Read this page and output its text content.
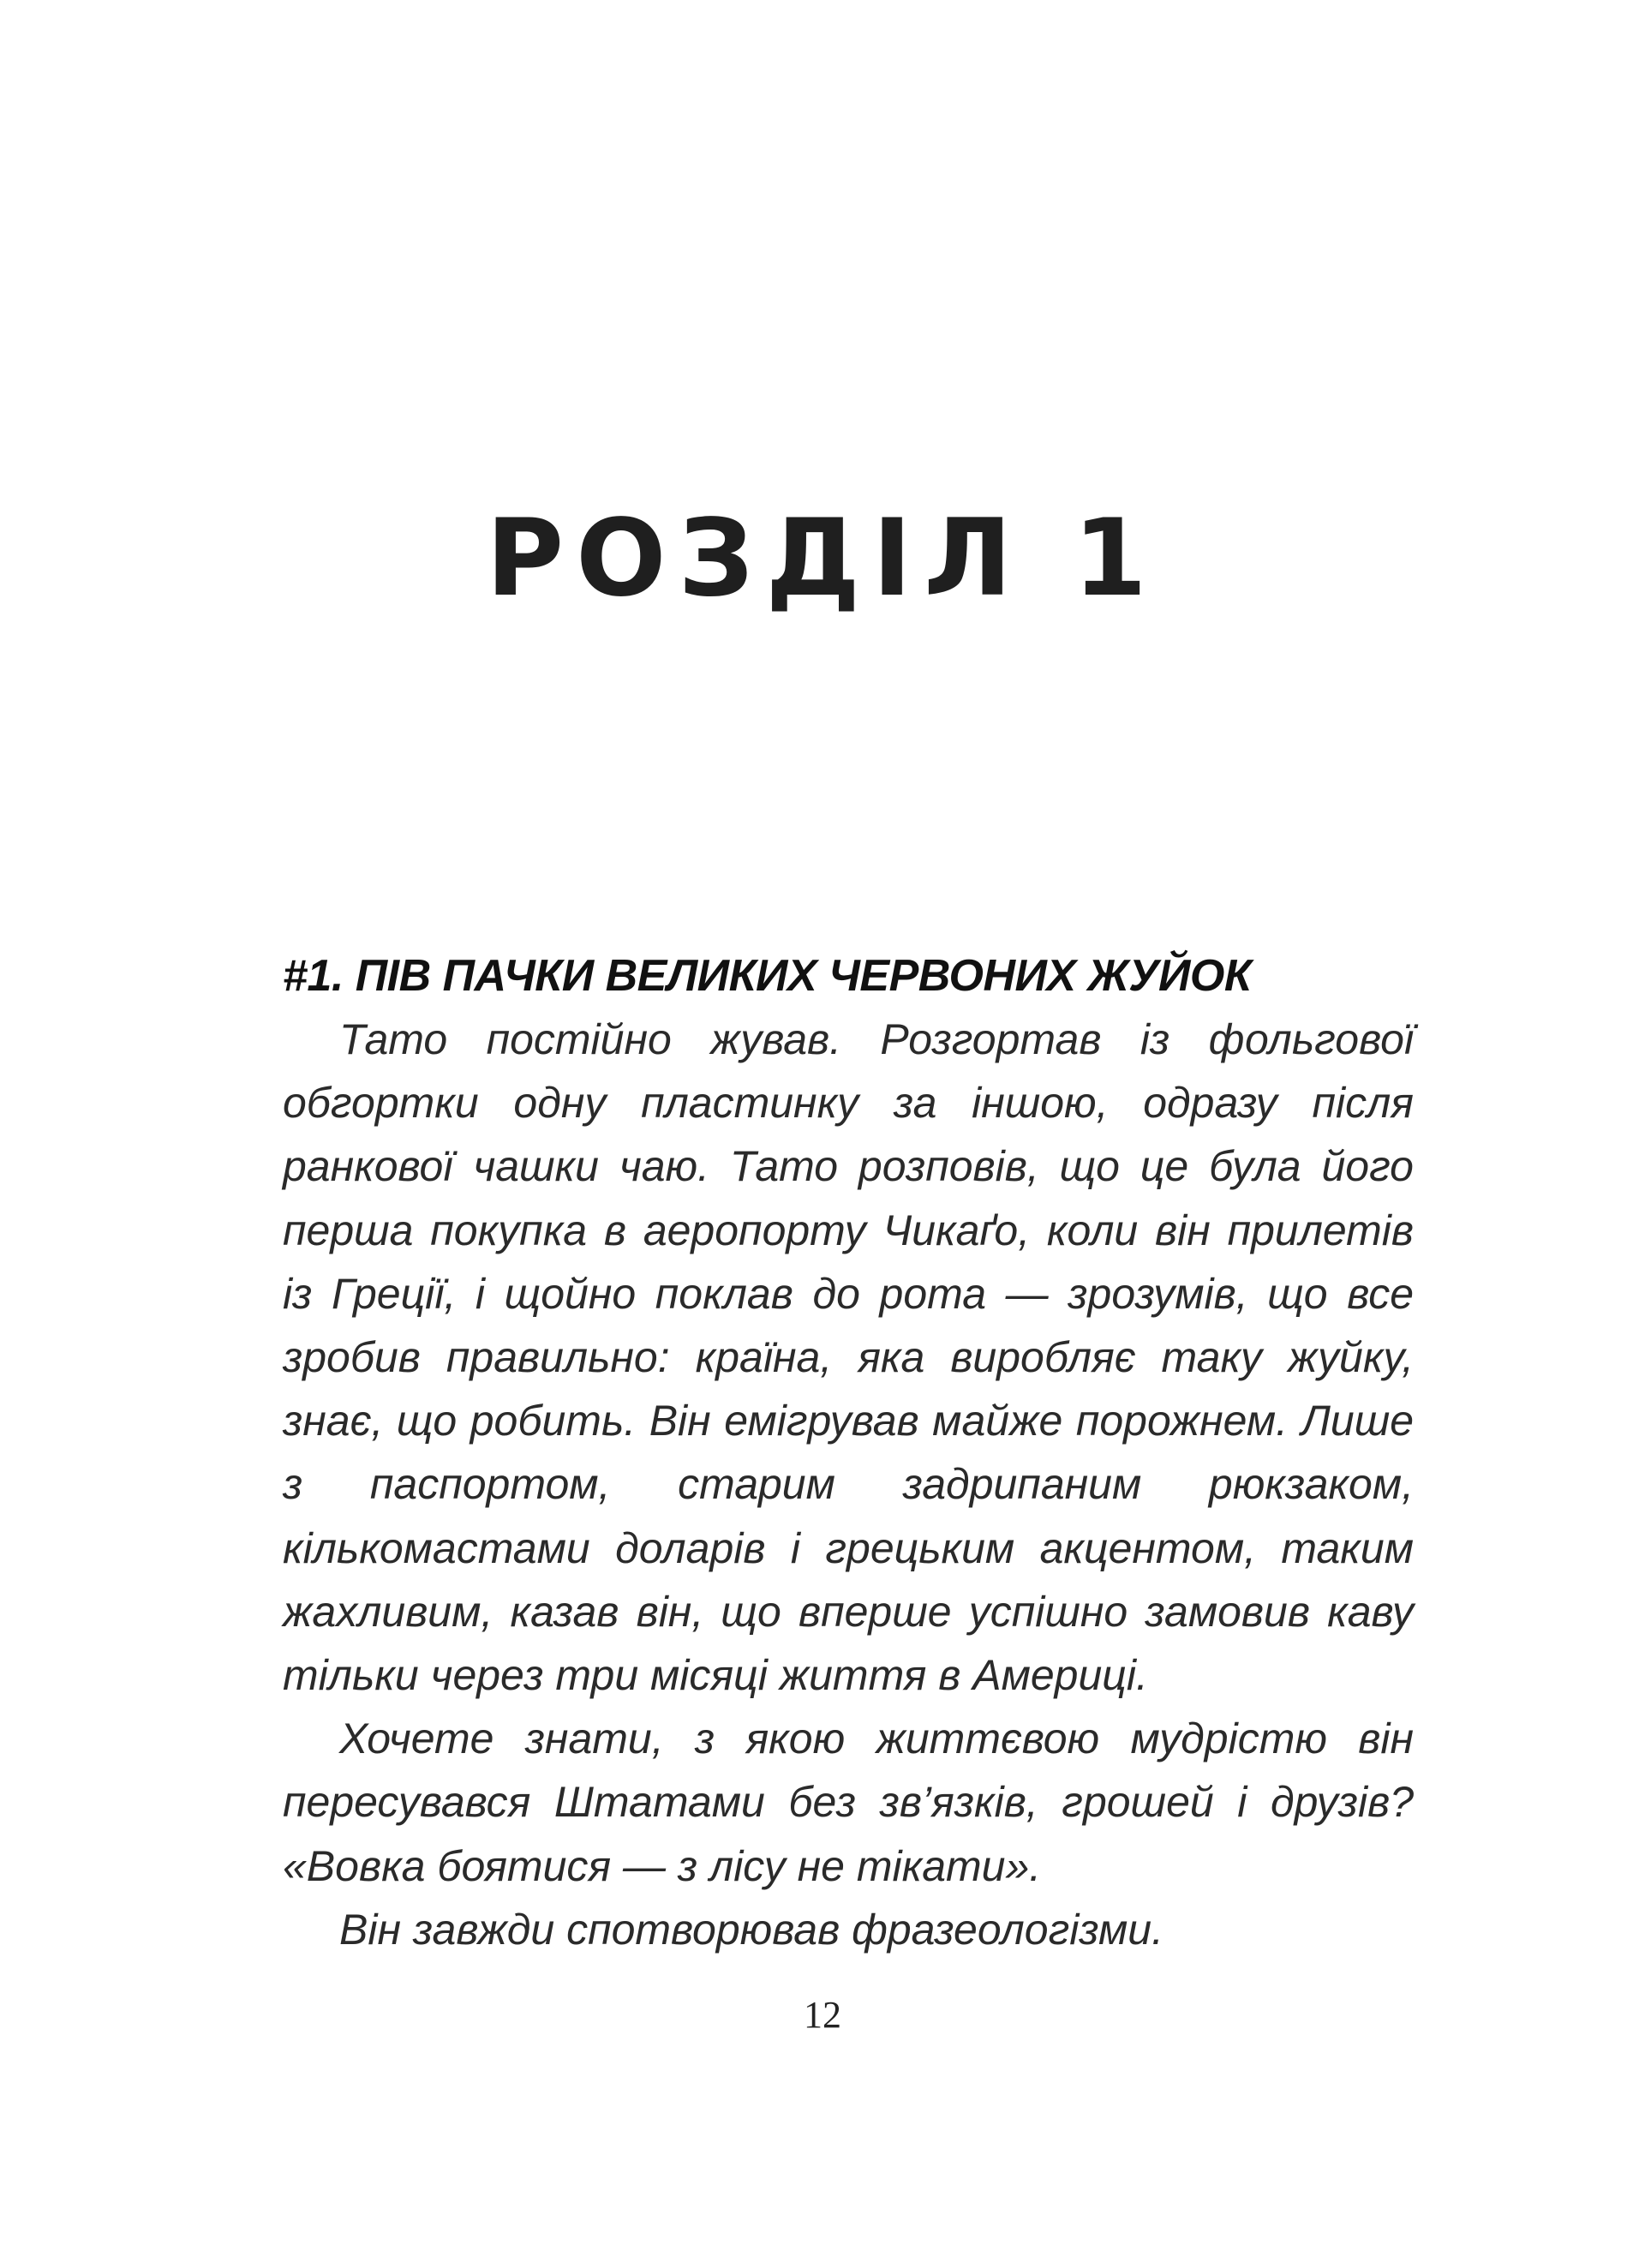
РОЗДІЛ 1

#1. ПІВ ПАЧКИ ВЕЛИКИХ ЧЕРВОНИХ ЖУЙОК

Тато постійно жував. Розгортав із фольгової обгортки одну пластинку за іншою, одразу після ранкової чашки чаю. Тато розповів, що це була його перша покупка в аеропорту Чикаґо, коли він прилетів із Греції, і щойно поклав до рота — зрозумів, що все зробив правильно: країна, яка виробляє таку жуйку, знає, що робить. Він емігрував майже порожнем. Лише з паспортом, старим задрипаним рюкзаком, кількомастами доларів і грецьким акцентом, таким жахливим, казав він, що вперше успішно замовив каву тільки через три місяці життя в Америці.

Хочете знати, з якою життєвою мудрістю він пересувався Штатами без зв’язків, грошей і друзів? «Вовка боятися — з лісу не тікати».

Він завжди спотворював фразеологізми.

12
